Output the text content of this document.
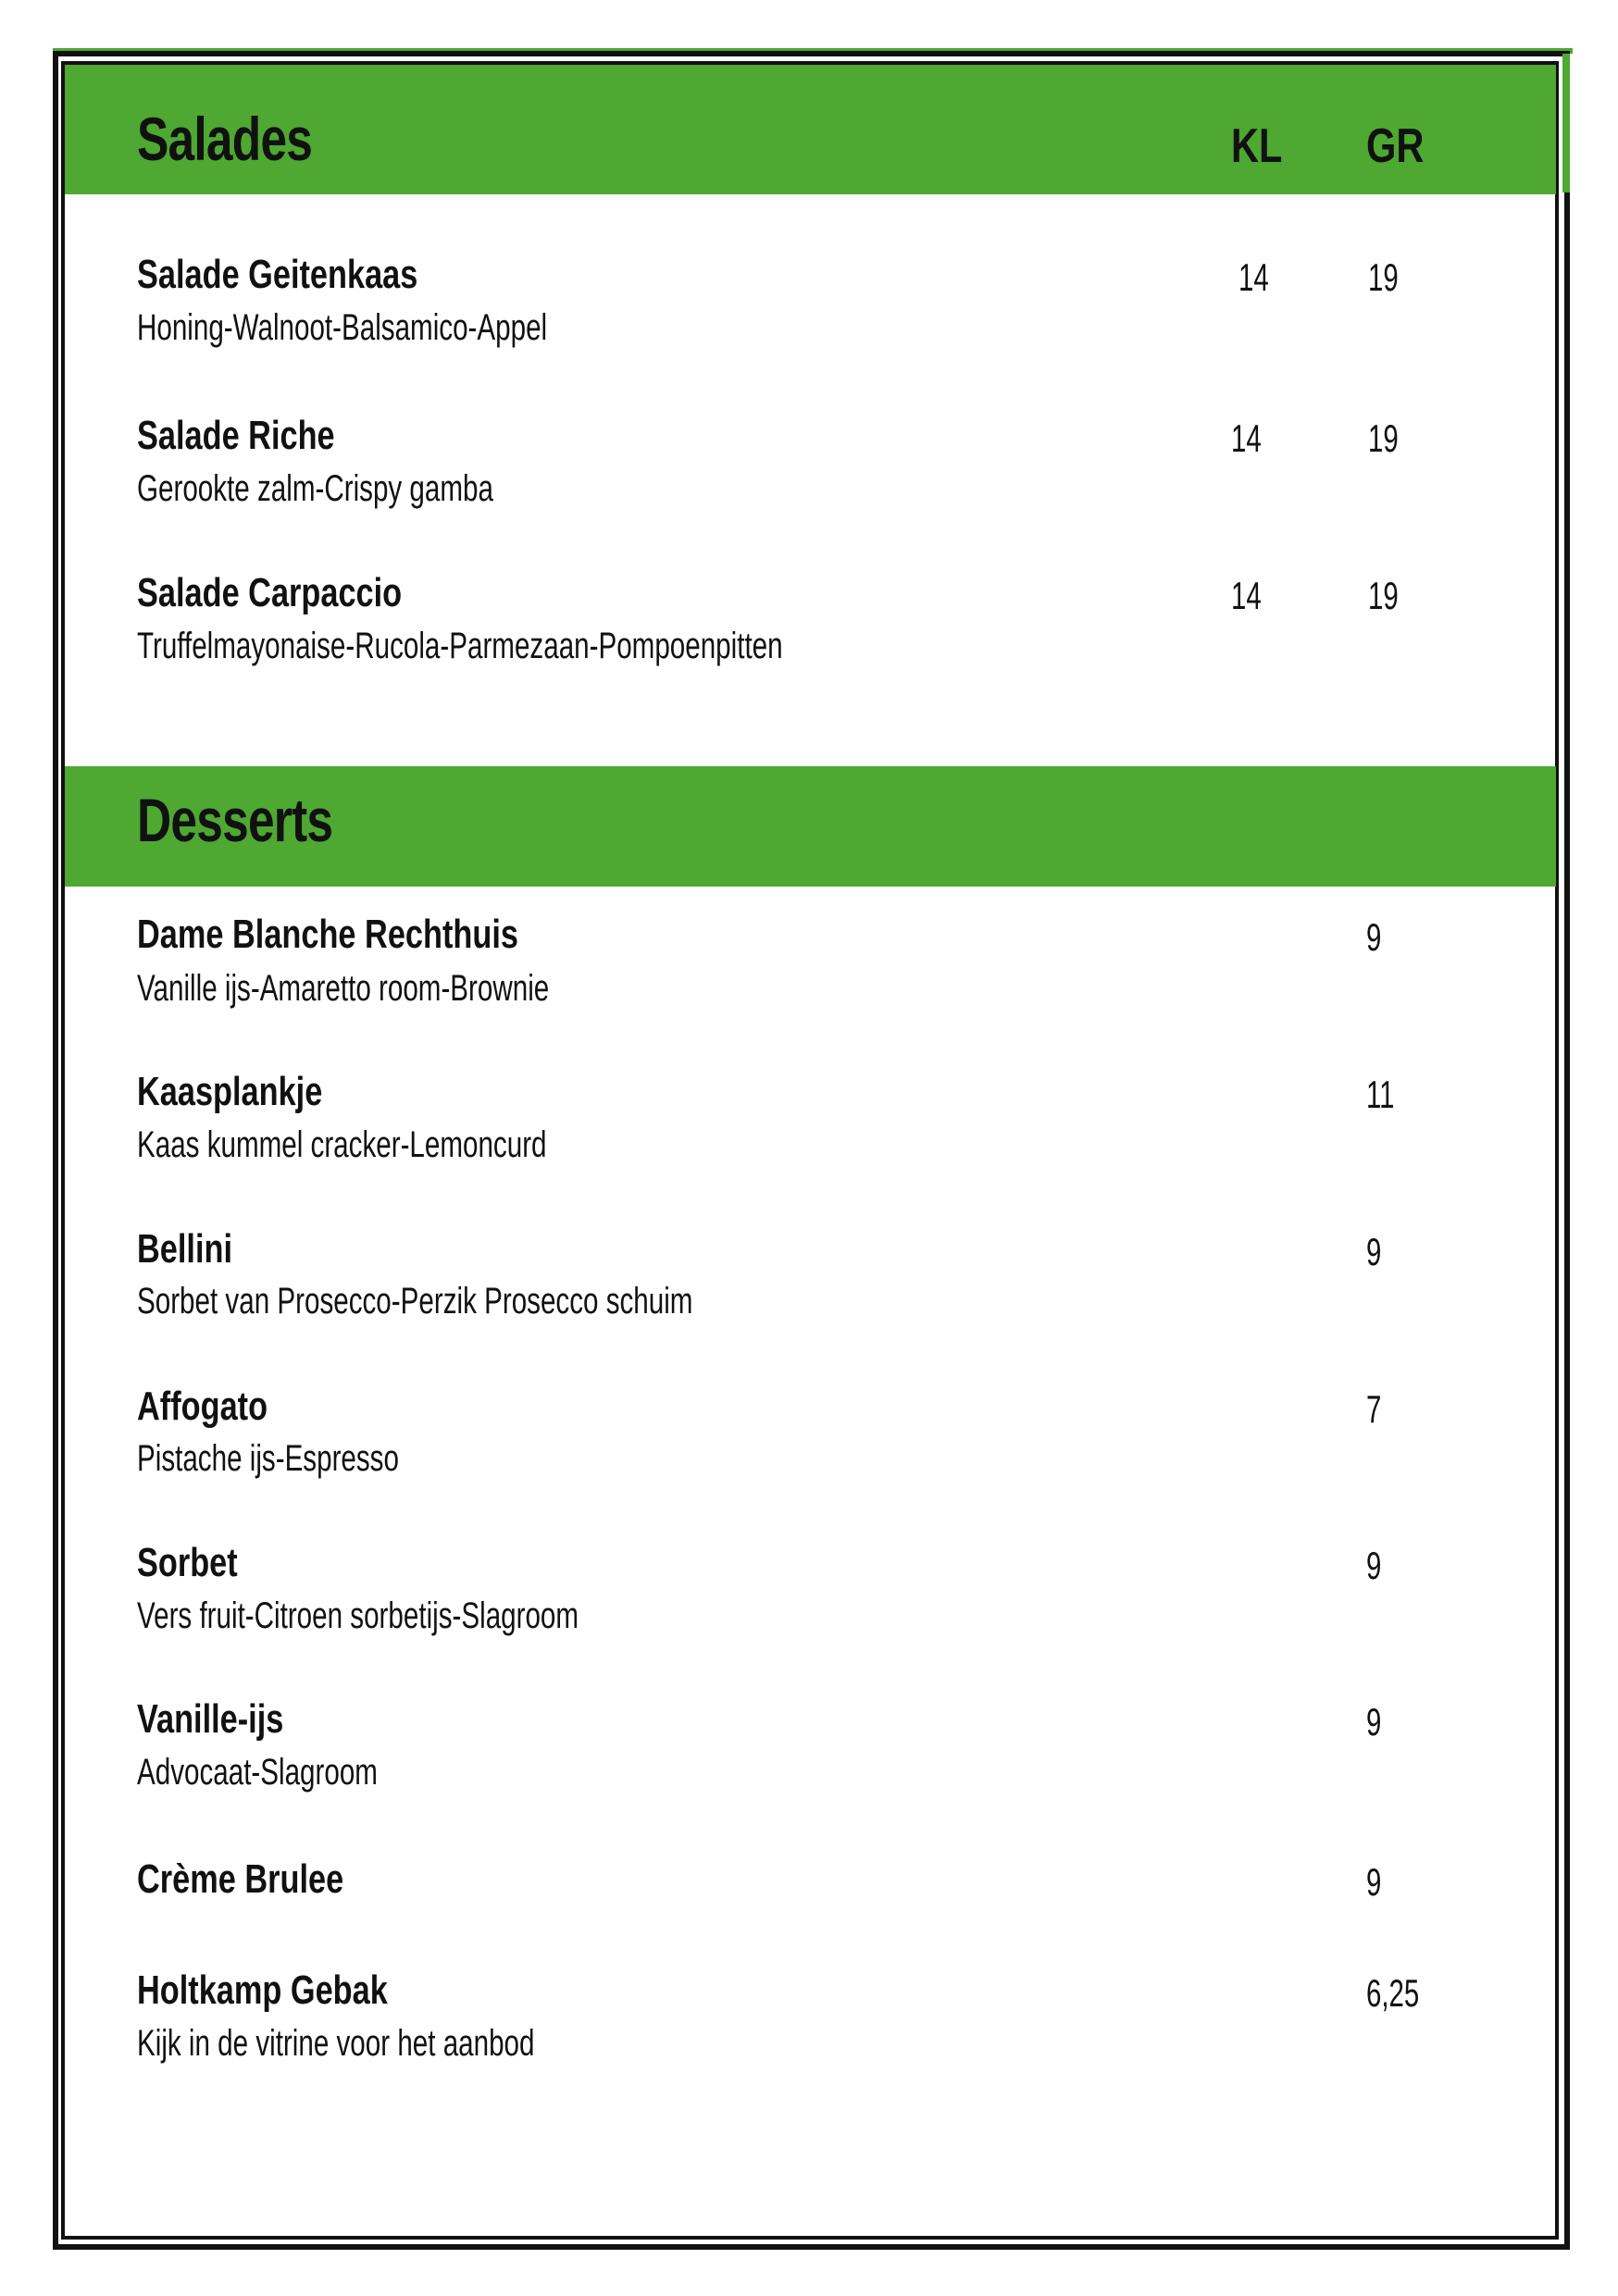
Salades	KL GR
Salade Geitenkaas
Honing-Walnoot-Balsamico-Appel
14	19
Salade Riche
Gerookte zalm-Crispy gamba
14	19
Salade Carpaccio
Truffelmayonaise-Rucola-Parmezaan-Pompoenpitten
14	19
Desserts
Dame Blanche Rechthuis
Vanille ijs-Amaretto room-Brownie
9
Kaasplankje
Kaas kummel cracker-Lemoncurd
11
Bellini
Sorbet van Prosecco-Perzik Prosecco schuim
9
Affogato
Pistache ijs-Espresso
7
Sorbet
Vers fruit-Citroen sorbetijs-Slagroom
9
Vanille-ijs
Advocaat-Slagroom
9
Crème Brulee	9
Holtkamp Gebak
Kijk in de vitrine voor het aanbod
6,25
